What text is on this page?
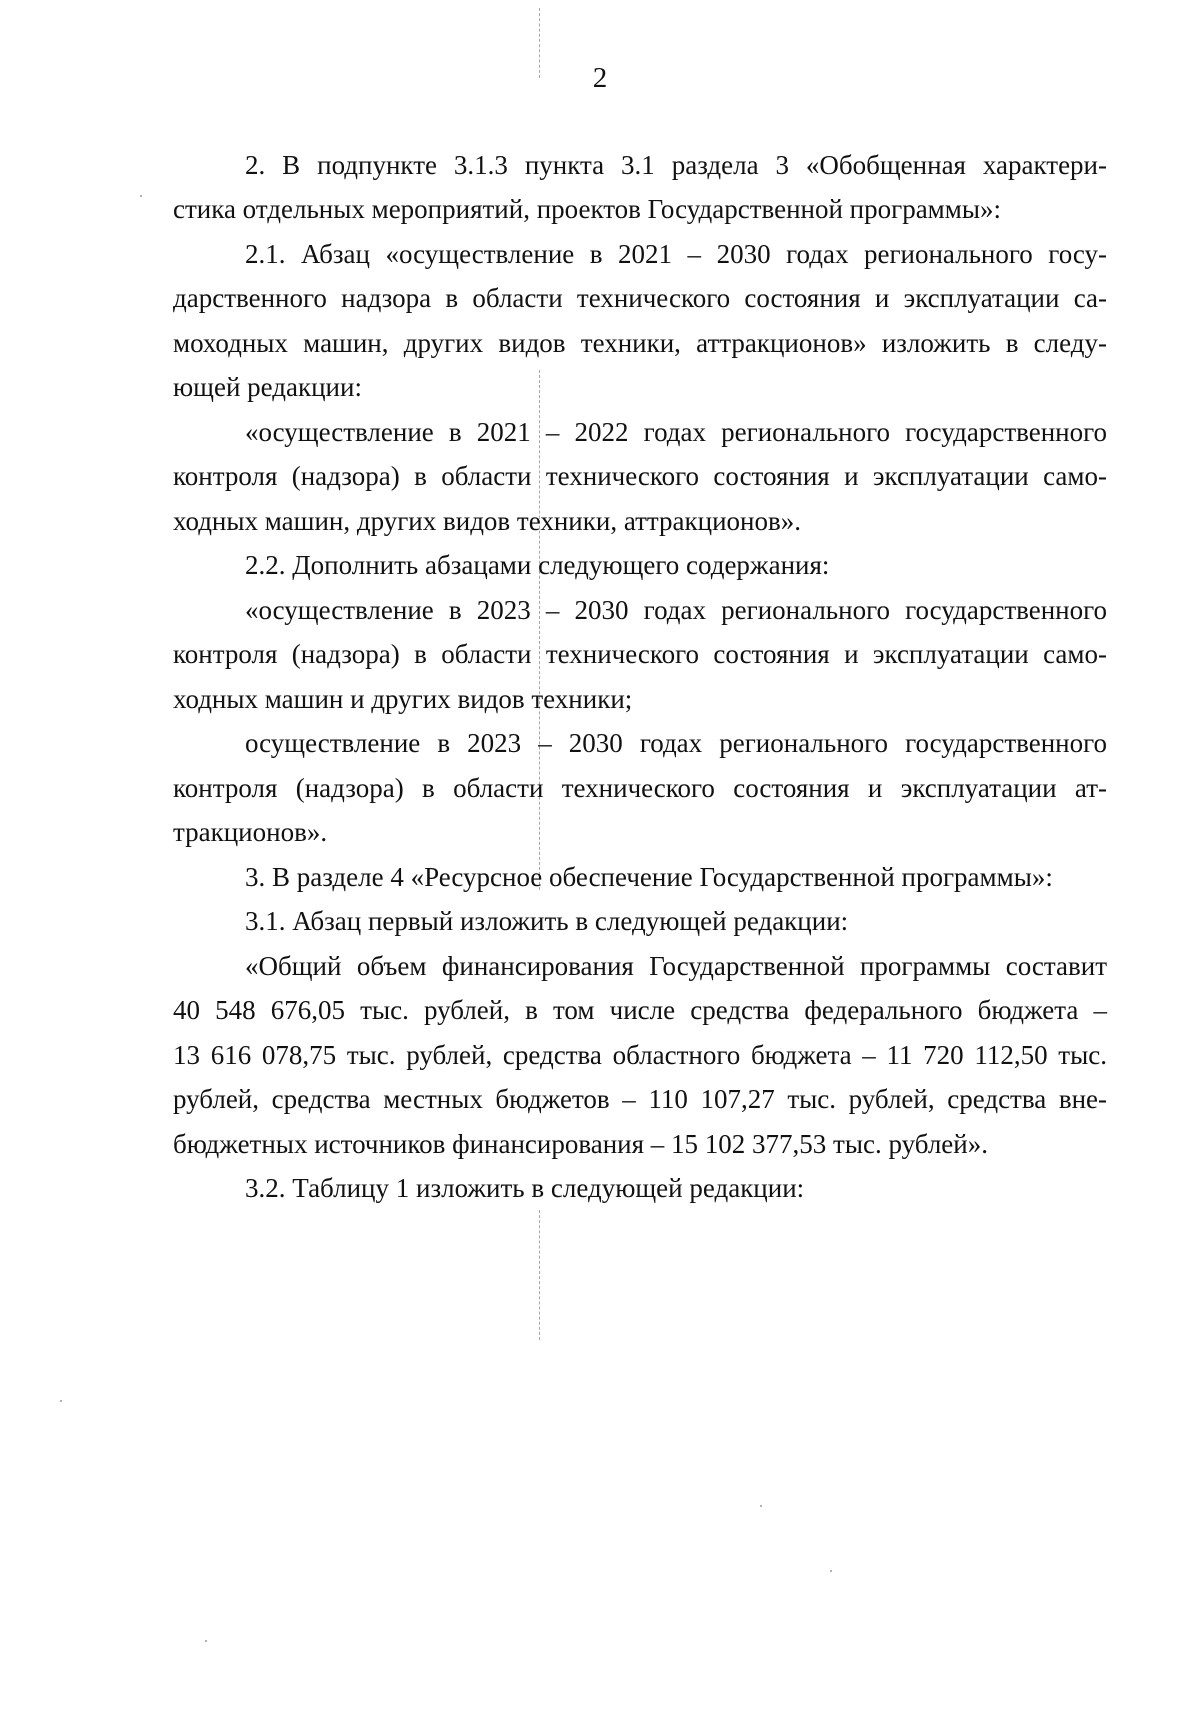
2
2. В подпункте 3.1.3 пункта 3.1 раздела 3 «Обобщенная характери-
стика отдельных мероприятий, проектов Государственной программы»:
2.1. Абзац «осуществление в 2021 – 2030 годах регионального госу-
дарственного надзора в области технического состояния и эксплуатации са-
моходных машин, других видов техники, аттракционов» изложить в следу-
ющей редакции:
«осуществление в 2021 – 2022 годах регионального государственного
контроля (надзора) в области технического состояния и эксплуатации само-
ходных машин, других видов техники, аттракционов».
2.2. Дополнить абзацами следующего содержания:
«осуществление в 2023 – 2030 годах регионального государственного
контроля (надзора) в области технического состояния и эксплуатации само-
ходных машин и других видов техники;
осуществление в 2023 – 2030 годах регионального государственного
контроля (надзора) в области технического состояния и эксплуатации ат-
тракционов».
3. В разделе 4 «Ресурсное обеспечение Государственной программы»:
3.1. Абзац первый изложить в следующей редакции:
«Общий объем финансирования Государственной программы составит
40 548 676,05 тыс. рублей, в том числе средства федерального бюджета –
13 616 078,75 тыс. рублей, средства областного бюджета – 11 720 112,50 тыс.
рублей, средства местных бюджетов – 110 107,27 тыс. рублей, средства вне-
бюджетных источников финансирования – 15 102 377,53 тыс. рублей».
3.2. Таблицу 1 изложить в следующей редакции:
